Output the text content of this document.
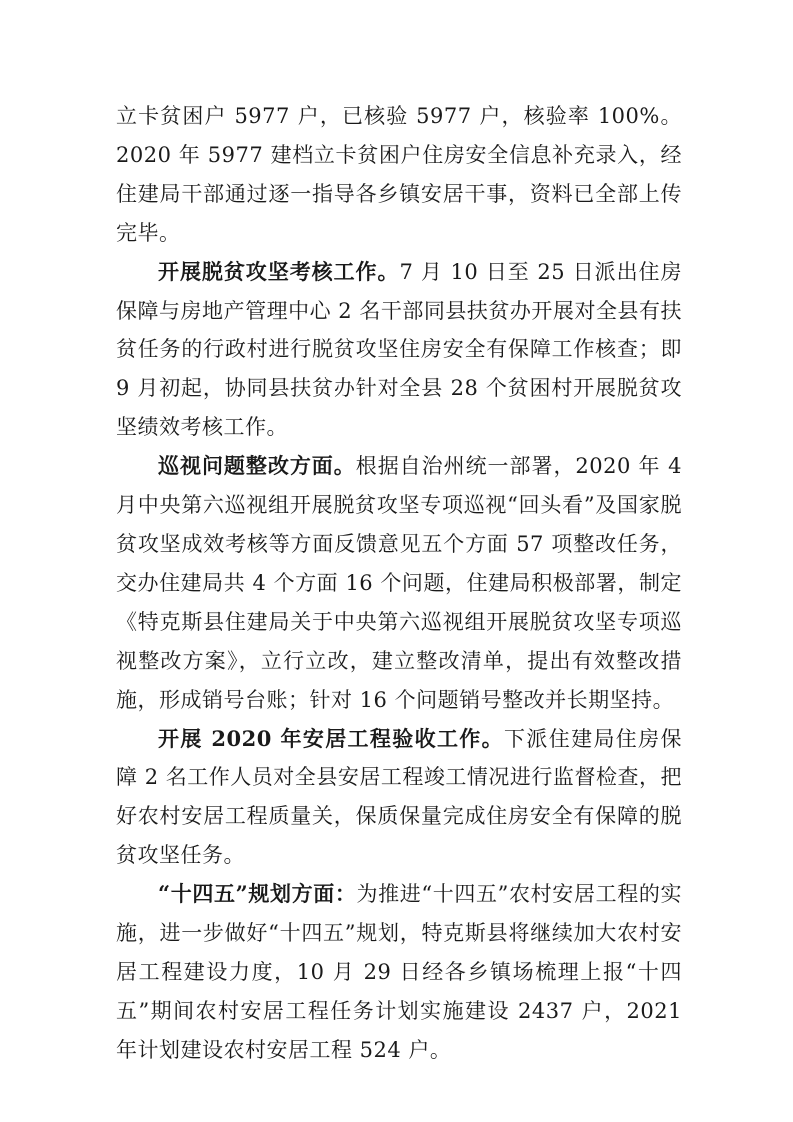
立卡贫困户 5977 户，已核验 5977 户，核验率 100%。2020 年 5977 建档立卡贫困户住房安全信息补充录入，经住建局干部通过逐一指导各乡镇安居干事，资料已全部上传完毕。

开展脱贫攻坚考核工作。7 月 10 日至 25 日派出住房保障与房地产管理中心 2 名干部同县扶贫办开展对全县有扶贫任务的行政村进行脱贫攻坚住房安全有保障工作核查；即 9 月初起，协同县扶贫办针对全县 28 个贫困村开展脱贫攻坚绩效考核工作。

巡视问题整改方面。根据自治州统一部署，2020 年 4 月中央第六巡视组开展脱贫攻坚专项巡视“回头看”及国家脱贫攻坚成效考核等方面反馈意见五个方面 57 项整改任务，交办住建局共 4 个方面 16 个问题，住建局积极部署，制定《特克斯县住建局关于中央第六巡视组开展脱贫攻坚专项巡视整改方案》，立行立改，建立整改清单，提出有效整改措施，形成销号台账；针对 16 个问题销号整改并长期坚持。

开展 2020 年安居工程验收工作。下派住建局住房保障 2 名工作人员对全县安居工程竣工情况进行监督检查，把好农村安居工程质量关，保质保量完成住房安全有保障的脱贫攻坚任务。

“十四五”规划方面：为推进“十四五”农村安居工程的实施，进一步做好“十四五”规划，特克斯县将继续加大农村安居工程建设力度，10 月 29 日经各乡镇场梳理上报“十四五”期间农村安居工程任务计划实施建设 2437 户，2021 年计划建设农村安居工程 524 户。
